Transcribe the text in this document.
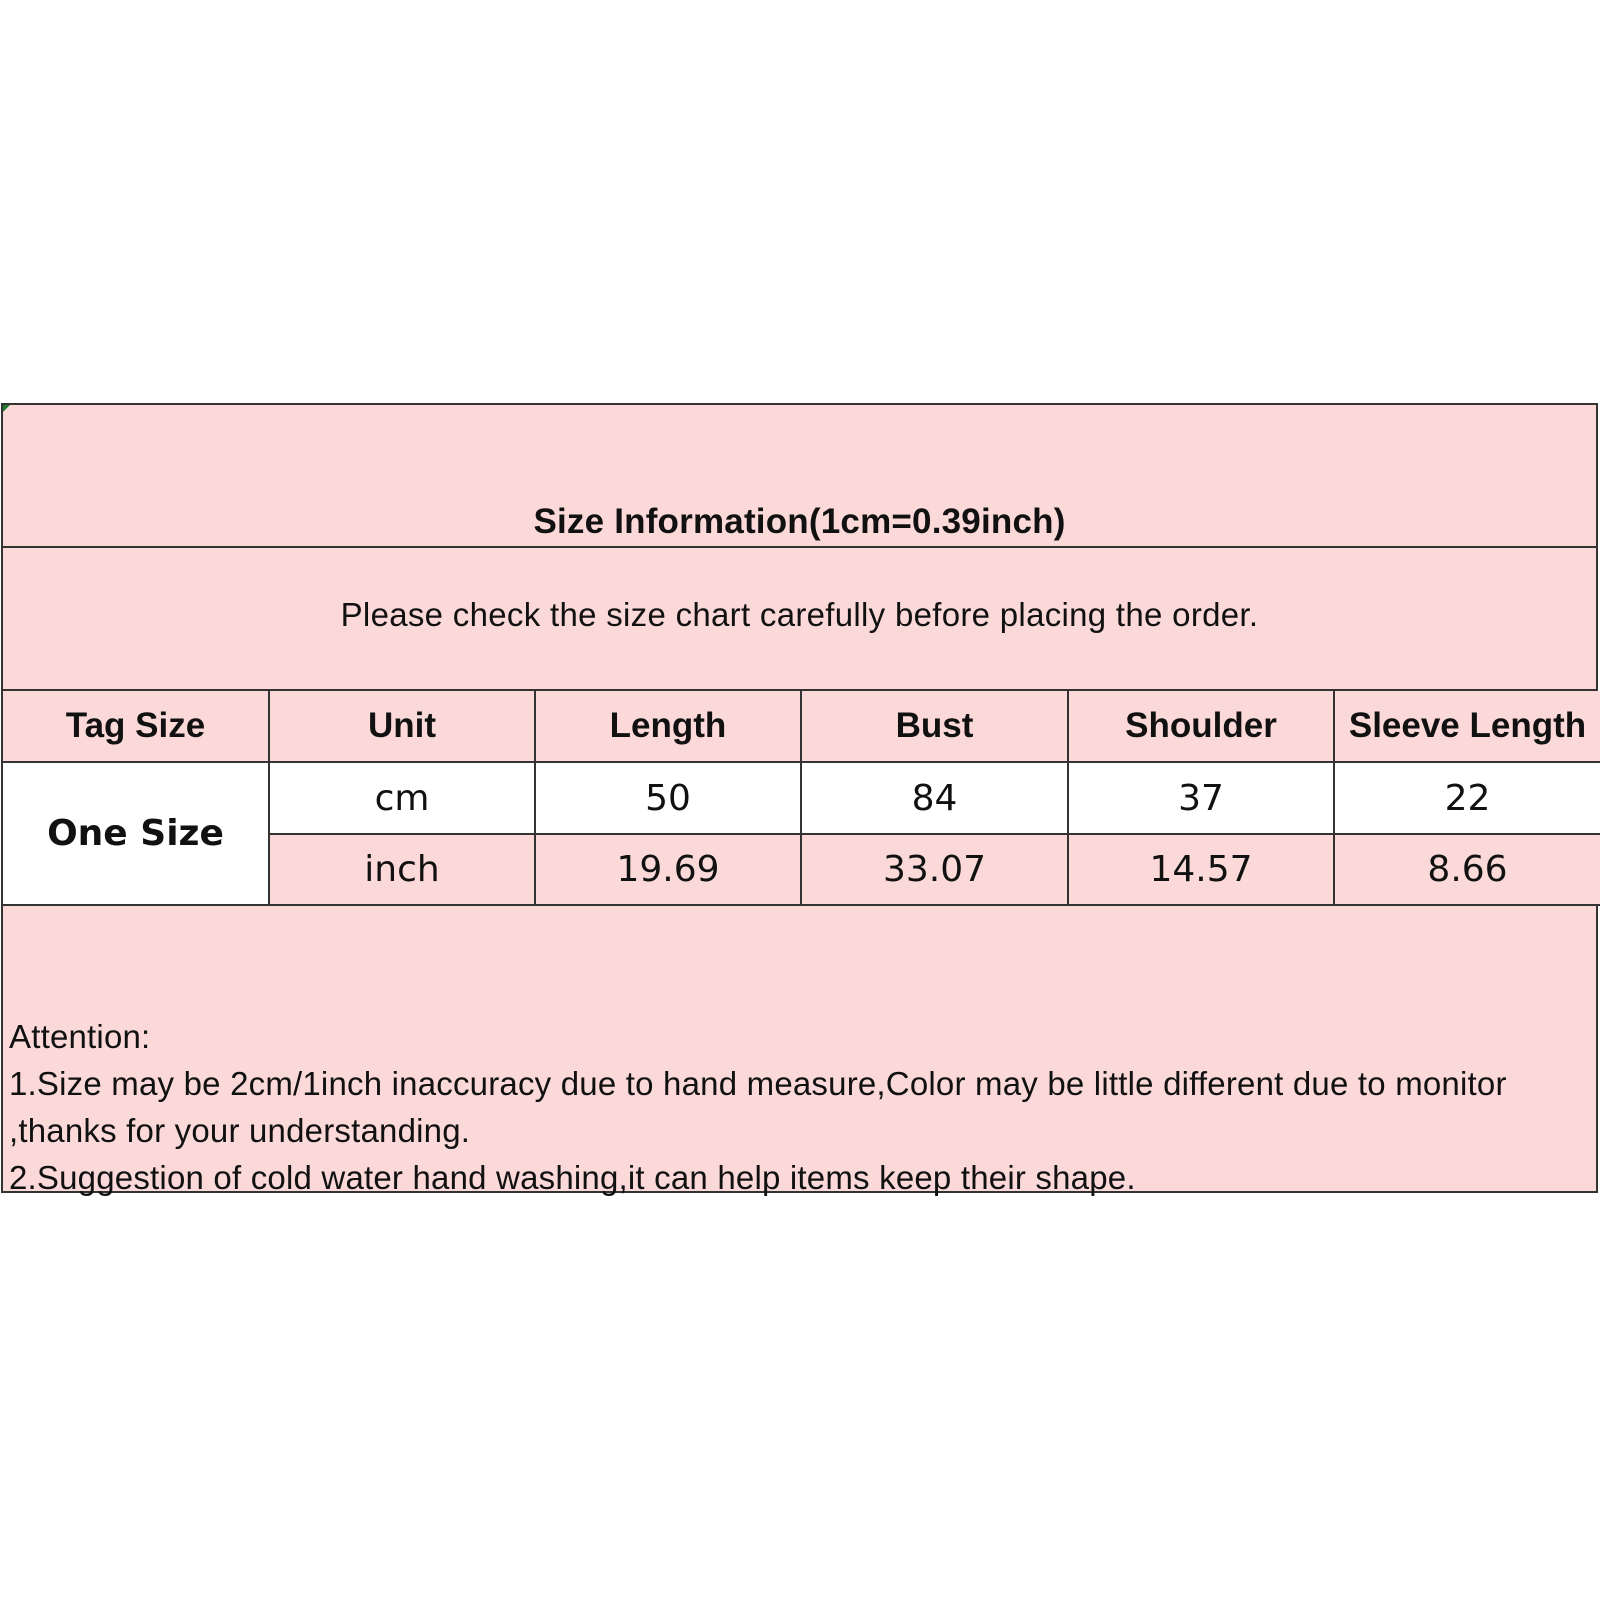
Size Information(1cm=0.39inch)
Please check the size chart carefully before placing the order.
Tag Size	Unit	Length	Bust	Shoulder	Sleeve Length
One Size	cm	50	84	37	22
	inch	19.69	33.07	14.57	8.66
Attention:
1.Size may be 2cm/1inch inaccuracy due to hand measure,Color may be little different due to monitor ,thanks for your understanding.
2.Suggestion of cold water hand washing,it can help items keep their shape.
